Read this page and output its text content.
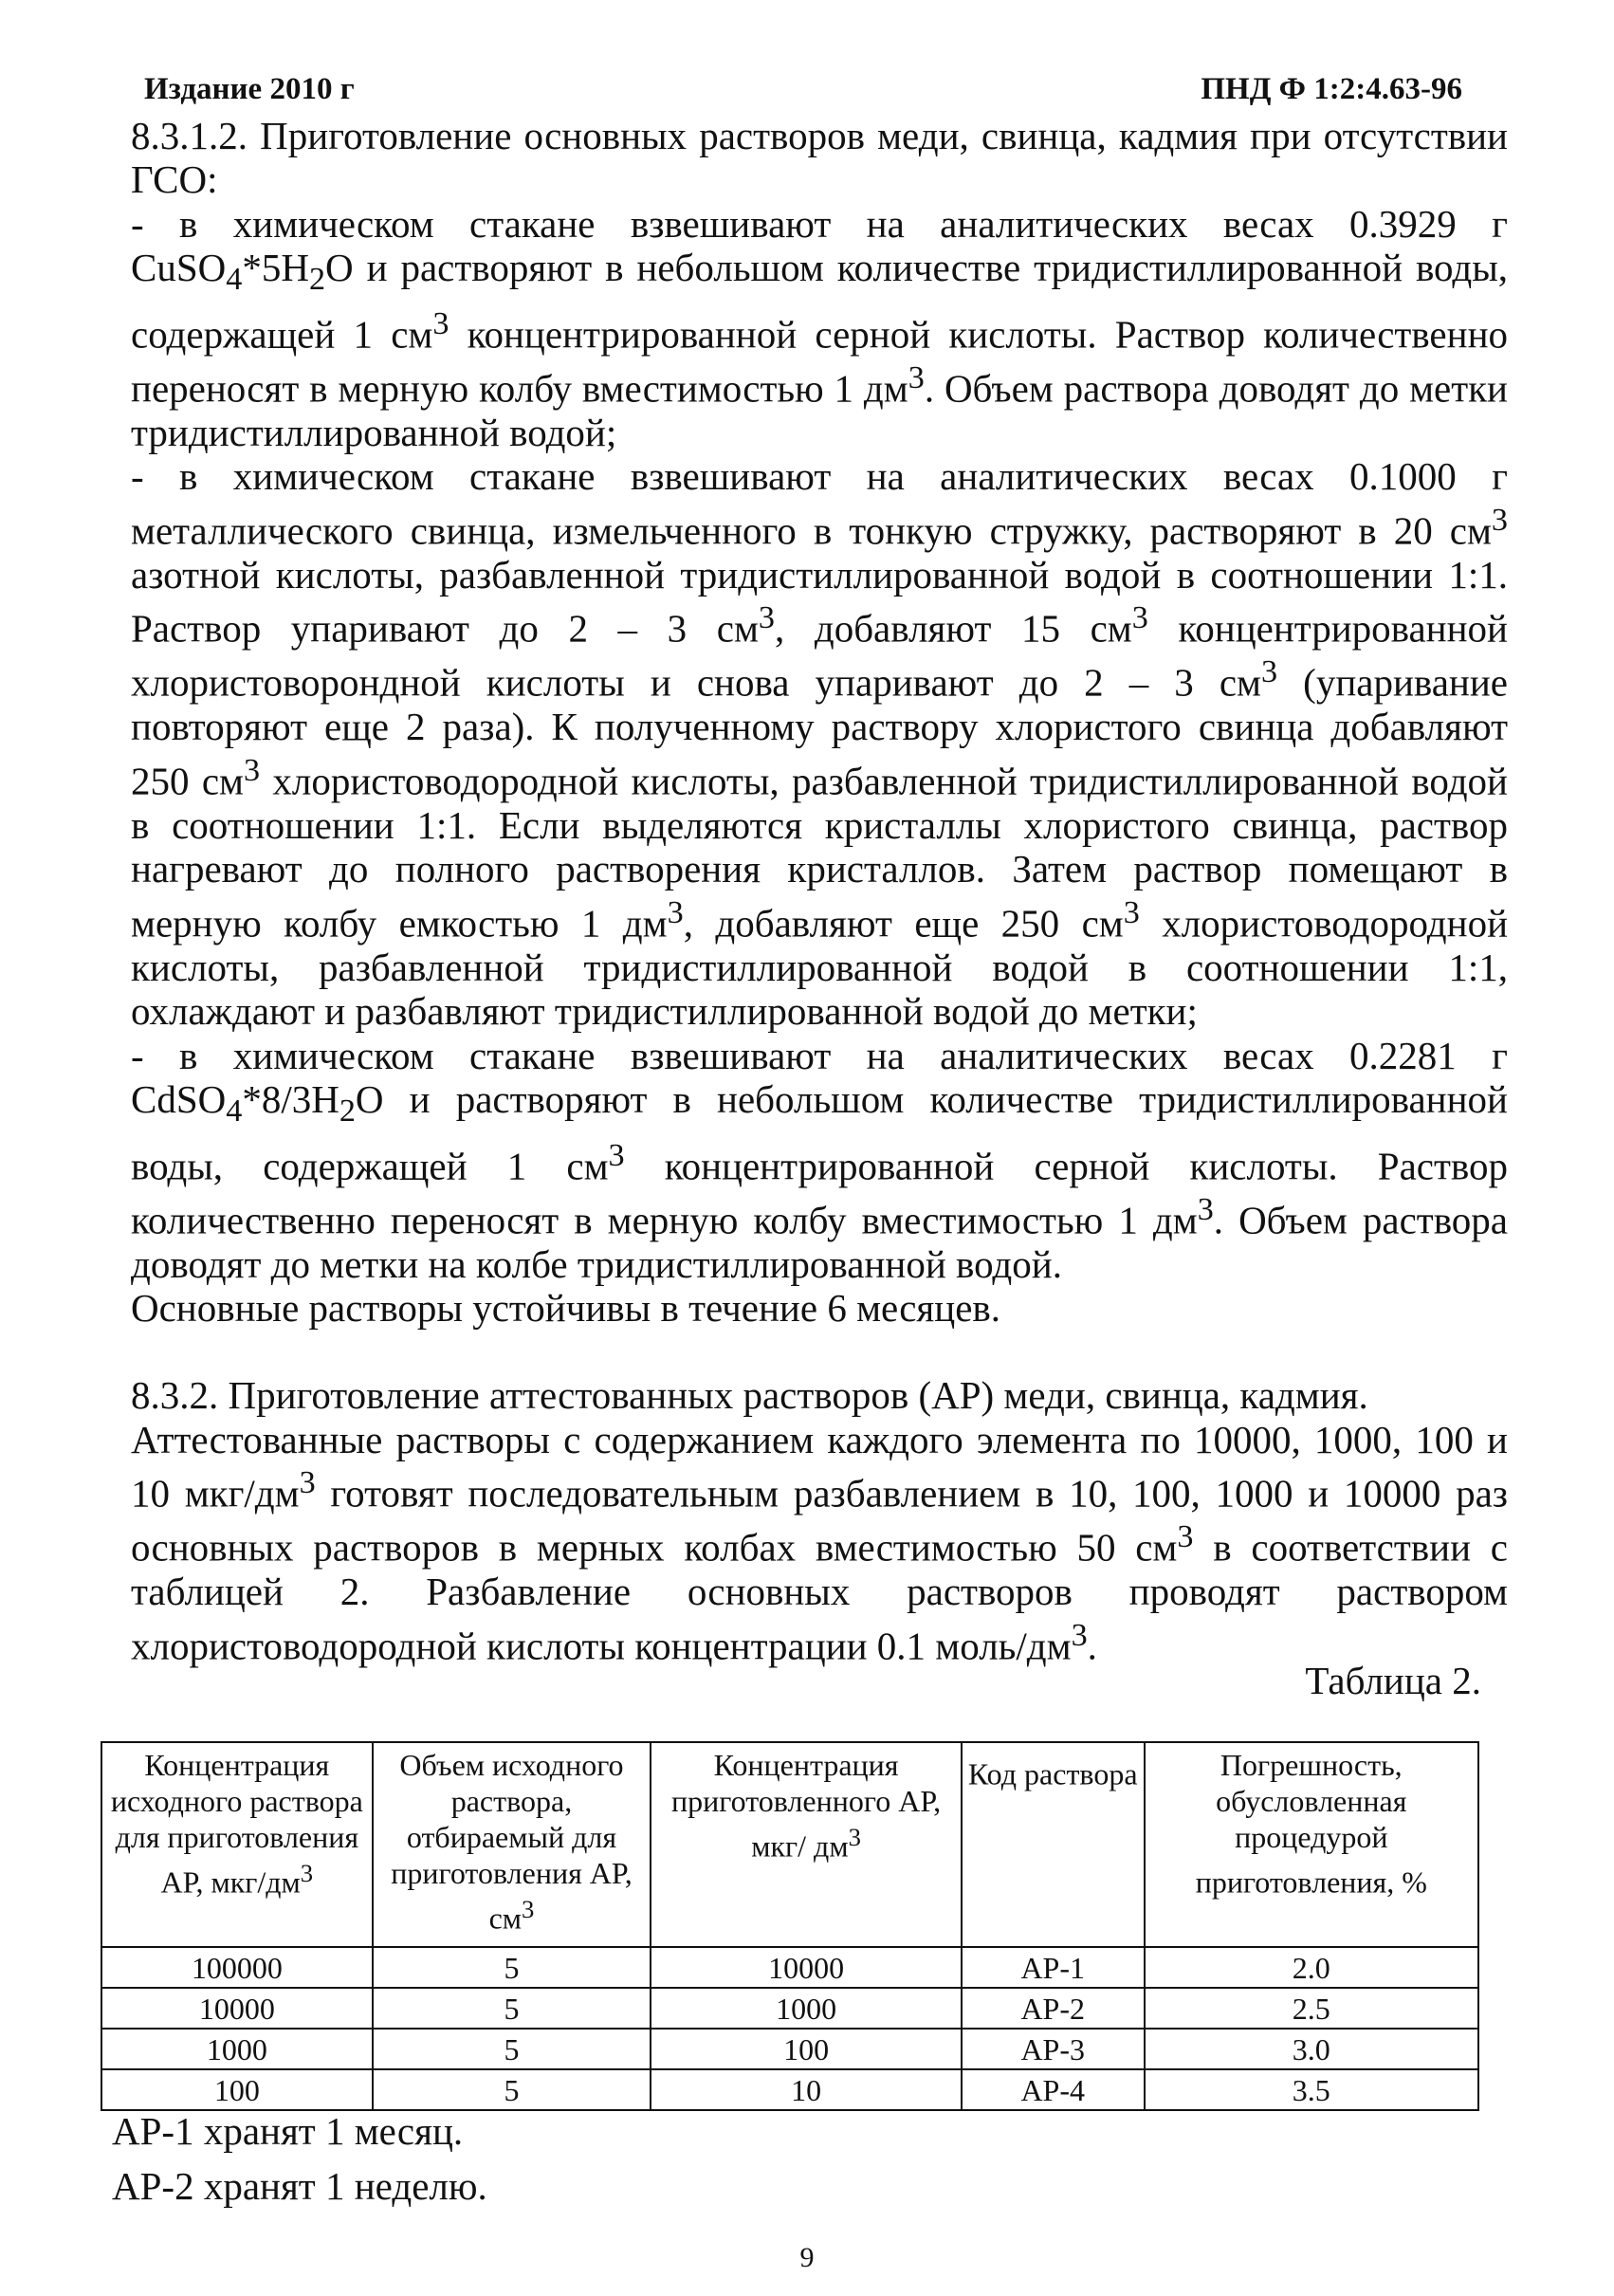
Издание 2010 г	ПНД Ф 1:2:4.63-96

8.3.1.2. Приготовление основных растворов меди, свинца, кадмия при отсутствии ГСО:

- в химическом стакане взвешивают на аналитических весах 0.3929 г $CuSO_4*5H_2O$ и растворяют в небольшом количестве тридистиллированной воды, содержащей 1 $см^3$ концентрированной серной кислоты. Раствор количественно переносят в мерную колбу вместимостью 1 $дм^3$. Объем раствора доводят до метки тридистиллированной водой;

- в химическом стакане взвешивают на аналитических весах 0.1000 г металлического свинца, измельченного в тонкую стружку, растворяют в 20 $см^3$ азотной кислоты, разбавленной тридистиллированной водой в соотношении 1:1. Раствор упаривают до 2 – 3 $см^3$, добавляют 15 $см^3$ концентрированной хлористоворондной кислоты и снова упаривают до 2 – 3 $см^3$ (упаривание повторяют еще 2 раза). К полученному раствору хлористого свинца добавляют 250 $см^3$ хлористоводородной кислоты, разбавленной тридистиллированной водой в соотношении 1:1. Если выделяются кристаллы хлористого свинца, раствор нагревают до полного растворения кристаллов. Затем раствор помещают в мерную колбу емкостью 1 $дм^3$, добавляют еще 250 $см^3$ хлористоводородной кислоты, разбавленной тридистиллированной водой в соотношении 1:1, охлаждают и разбавляют тридистиллированной водой до метки;

- в химическом стакане взвешивают на аналитических весах 0.2281 г $CdSO_4*8/3H_2O$ и растворяют в небольшом количестве тридистиллированной воды, содержащей 1 $см^3$ концентрированной серной кислоты. Раствор количественно переносят в мерную колбу вместимостью 1 $дм^3$. Объем раствора доводят до метки на колбе тридистиллированной водой.

Основные растворы устойчивы в течение 6 месяцев.

8.3.2. Приготовление аттестованных растворов (АР) меди, свинца, кадмия.

Аттестованные растворы с содержанием каждого элемента по 10000, 1000, 100 и 10 мкг/$дм^3$ готовят последовательным разбавлением в 10, 100, 1000 и 10000 раз основных растворов в мерных колбах вместимостью 50 $см^3$ в соответствии с таблицей 2. Разбавление основных растворов проводят раствором хлористоводородной кислоты концентрации 0.1 моль/$дм^3$.

Таблица 2.
Концентрация исходного раствора для приготовления АР, мкг/$дм^3$	Объем исходного раствора, отбираемый для приготовления АР, $см^3$	Концентрация приготовленного АР, мкг/ $дм^3$	Код раствора	Погрешность, обусловленная процедурой приготовления, %
100000	5	10000	АР-1	2.0
10000	5	1000	АР-2	2.5
1000	5	100	АР-3	3.0
100	5	10	АР-4	3.5

АР-1 хранят 1 месяц.

АР-2 хранят 1 неделю.

9
